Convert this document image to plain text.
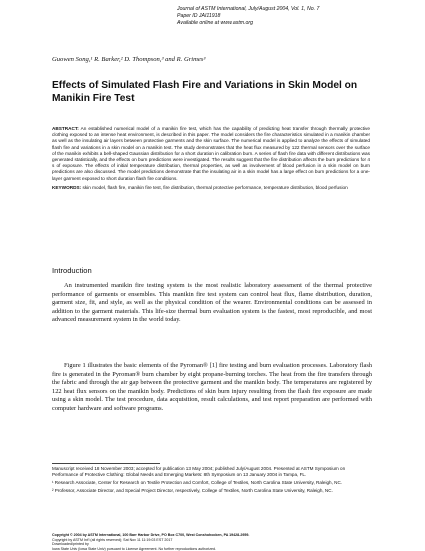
Journal of ASTM International, July/August 2004, Vol. 1, No. 7
Paper ID JAI11918
Available online at www.astm.org
Guowen Song,¹ R. Barker,² D. Thompson,³ and R. Grimes³
Effects of Simulated Flash Fire and Variations in Skin Model on Manikin Fire Test
ABSTRACT: An established numerical model of a manikin fire test, which has the capability of predicting heat transfer through thermally protective clothing exposed to an intense heat environment, is described in this paper. The model considers the fire characteristics simulated in a manikin chamber as well as the insulating air layers between protective garments and the skin surface. The numerical model is applied to analyze the effects of simulated flash fire and variations in a skin model on a manikin test. The study demonstrates that the heat flux measured by 122 thermal sensors over the surface of the manikin exhibits a bell-shaped Gaussian distribution for a short duration in calibration burn. A series of flash fire data with different distributions was generated statistically, and the effects on burn predictions were investigated. The results suggest that the fire distribution affects the burn predictions for 4 s of exposure. The effects of initial temperature distribution, thermal properties, as well as involvement of blood perfusion in a skin model on burn predictions are also discussed. The model predictions demonstrate that the insulating air in a skin model has a large effect on burn predictions for a one-layer garment exposed to short duration flash fire conditions.
KEYWORDS: skin model, flash fire, manikin fire test, fire distribution, thermal protective performance, temperature distribution, blood perfusion
Introduction

An instrumented manikin fire testing system is the most realistic laboratory assessment of the thermal protective performance of garments or ensembles. This manikin fire test system can control heat flux, flame distribution, duration, garment size, fit, and style, as well as the physical condition of the wearer. Environmental conditions can be assessed in addition to the garment materials. This life-size thermal burn evaluation system is the fastest, most reproducible, and most advanced measurement system in the world today.

Figure 1 illustrates the basic elements of the Pyroman® [1] fire testing and burn evaluation processes. Laboratory flash fire is generated in the Pyroman® burn chamber by eight propane-burning torches. The heat from the fire transfers through the fabric and through the air gap between the protective garment and the manikin body. The temperatures are registered by 122 heat flux sensors on the manikin body. Predictions of skin burn injury resulting from the flash fire exposure are made using a skin model. The test procedure, data acquisition, result calculations, and test report preparation are performed with computer hardware and software programs.

Manuscript received 18 November 2003; accepted for publication 13 May 2004; published July/August 2004. Presented at ASTM Symposium on Performance of Protective Clothing: Global Needs and Emerging Markets: 8th Symposium on 13 January 2004 in Tampa, FL.

¹ Research Associate, Center for Research on Textile Protection and Comfort, College of Textiles, North Carolina State University, Raleigh, NC.

² Professor, Associate Director, and Special Project Director, respectively, College of Textiles, North Carolina State University, Raleigh, NC.

Copyright © 2004 by ASTM International, 100 Barr Harbor Drive, PO Box C700, West Conshohocken, PA 19428-2959.

Copyright by ASTM Int'l (all rights reserved); Sat Nov 11 11:19:03 EST 2017

Downloaded/printed by

Iowa State Univ (Iowa State Univ) pursuant to License Agreement. No further reproductions authorized.
